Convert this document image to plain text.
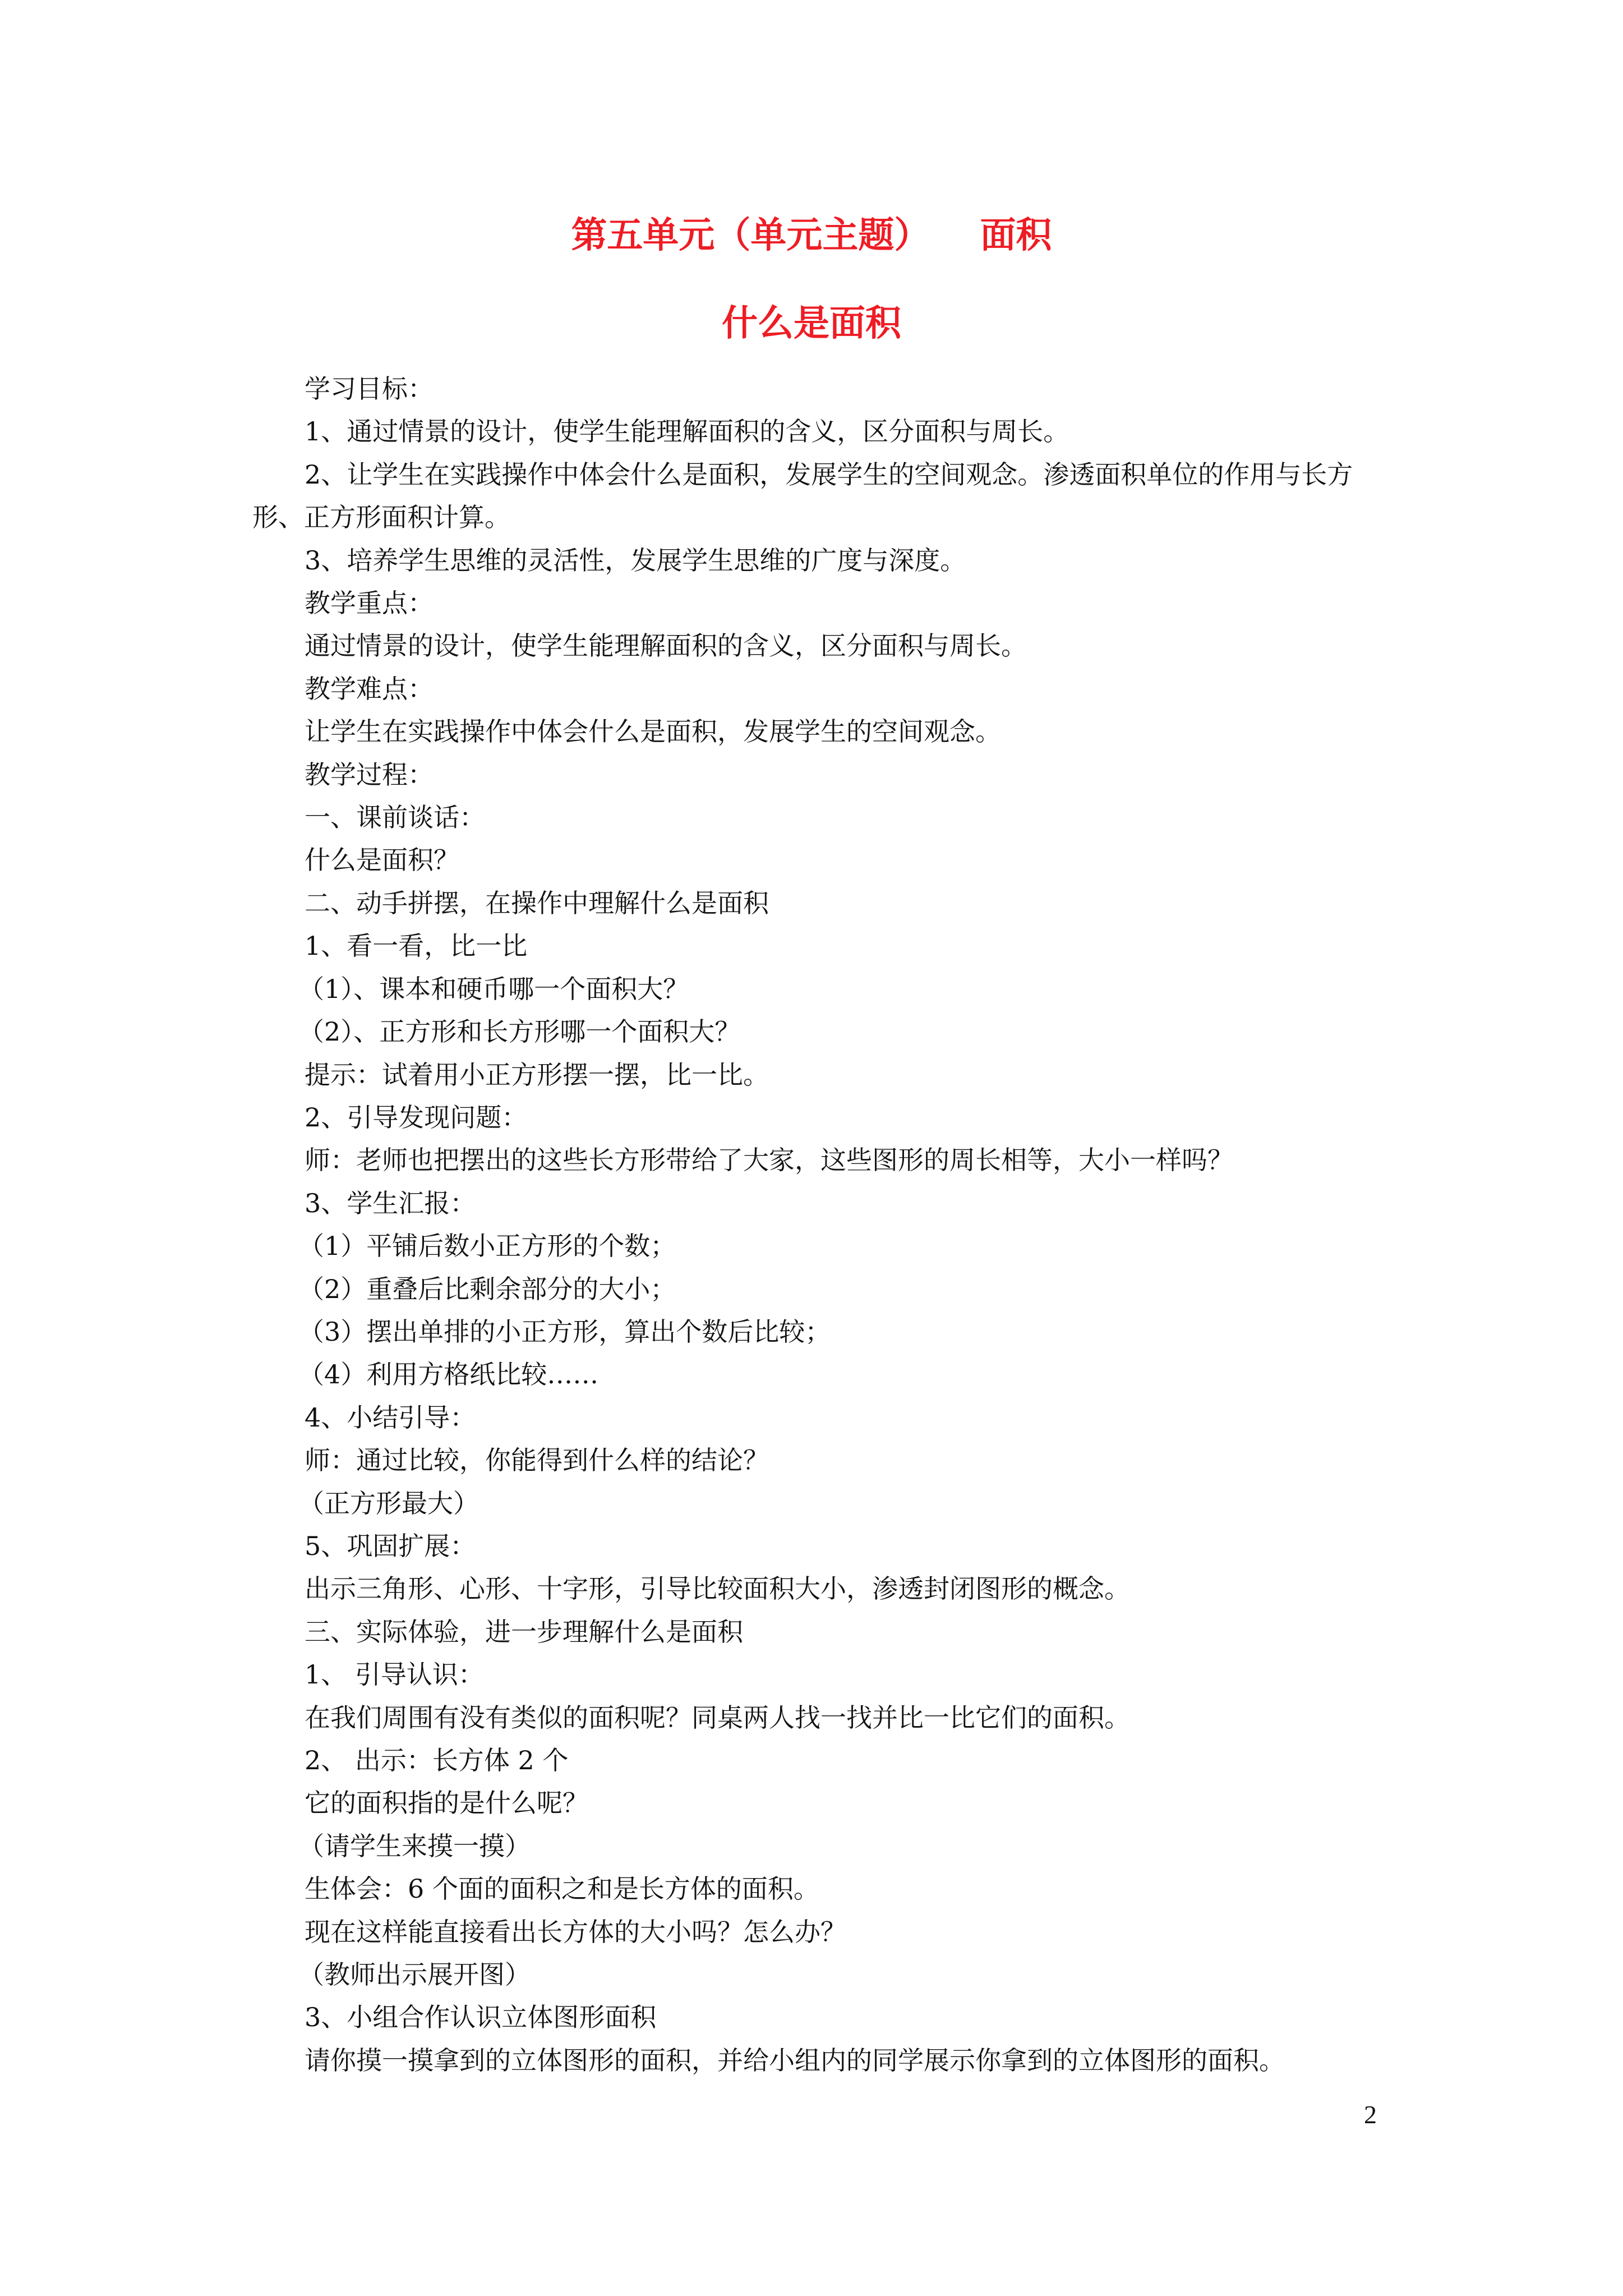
第五单元（单元主题）    面积
什么是面积

学习目标：

1、通过情景的设计，使学生能理解面积的含义，区分面积与周长。

2、让学生在实践操作中体会什么是面积，发展学生的空间观念。渗透面积单位的作用与长方形、正方形面积计算。

3、培养学生思维的灵活性，发展学生思维的广度与深度。

教学重点：

通过情景的设计，使学生能理解面积的含义，区分面积与周长。

教学难点：

让学生在实践操作中体会什么是面积，发展学生的空间观念。

教学过程：

一、课前谈话：

什么是面积？

二、动手拼摆，在操作中理解什么是面积

1、看一看，比一比

（1）、课本和硬币哪一个面积大？

（2）、正方形和长方形哪一个面积大？

提示：试着用小正方形摆一摆，比一比。

2、引导发现问题：

师：老师也把摆出的这些长方形带给了大家，这些图形的周长相等，大小一样吗？

3、学生汇报：

（1）平铺后数小正方形的个数；

（2）重叠后比剩余部分的大小；

（3）摆出单排的小正方形，算出个数后比较；

（4）利用方格纸比较……

4、小结引导：

师：通过比较，你能得到什么样的结论？

（正方形最大）

5、巩固扩展：

出示三角形、心形、十字形，引导比较面积大小，渗透封闭图形的概念。

三、实际体验，进一步理解什么是面积

1、 引导认识：

在我们周围有没有类似的面积呢？同桌两人找一找并比一比它们的面积。

2、 出示：长方体 2 个

它的面积指的是什么呢？

（请学生来摸一摸）

生体会：6 个面的面积之和是长方体的面积。

现在这样能直接看出长方体的大小吗？怎么办？

（教师出示展开图）

3、小组合作认识立体图形面积

请你摸一摸拿到的立体图形的面积，并给小组内的同学展示你拿到的立体图形的面积。

2
